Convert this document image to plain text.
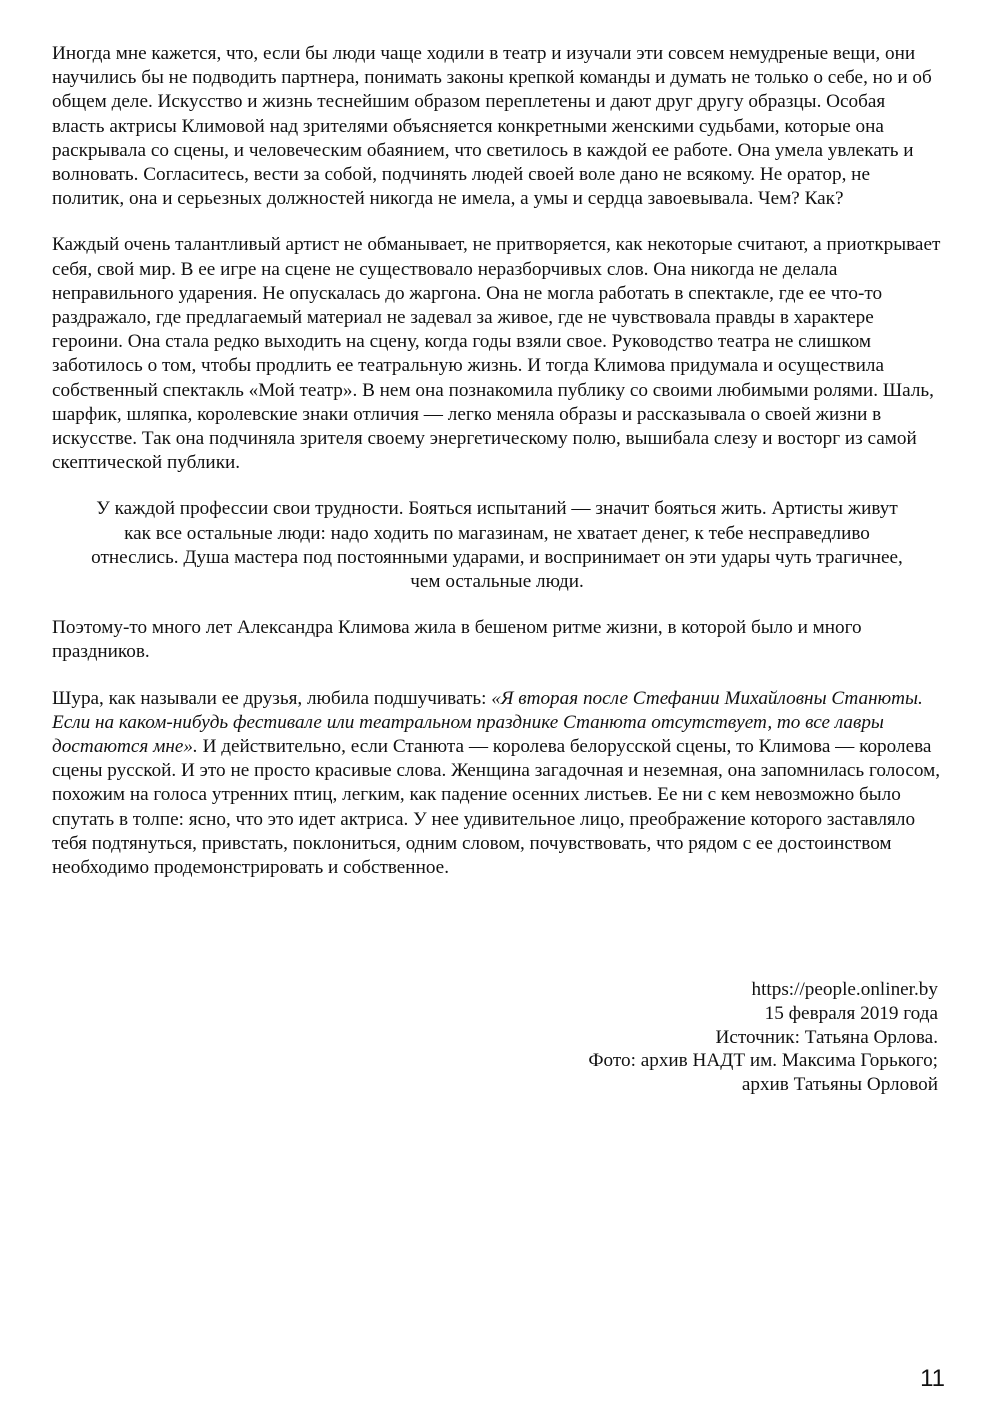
Иногда мне кажется, что, если бы люди чаще ходили в театр и изучали эти совсем немудреные вещи, они научились бы не подводить партнера, понимать законы крепкой команды и думать не только о себе, но и об общем деле. Искусство и жизнь теснейшим образом переплетены и дают друг другу образцы. Особая власть актрисы Климовой над зрителями объясняется конкретными женскими судьбами, которые она раскрывала со сцены, и человеческим обаянием, что светилось в каждой ее работе. Она умела увлекать и волновать. Согласитесь, вести за собой, подчинять людей своей воле дано не всякому. Не оратор, не политик, она и серьезных должностей никогда не имела, а умы и сердца завоевывала. Чем? Как?

Каждый очень талантливый артист не обманывает, не притворяется, как некоторые считают, а приоткрывает себя, свой мир. В ее игре на сцене не существовало неразборчивых слов. Она никогда не делала неправильного ударения. Не опускалась до жаргона. Она не могла работать в спектакле, где ее что-то раздражало, где предлагаемый материал не задевал за живое, где не чувствовала правды в характере героини. Она стала редко выходить на сцену, когда годы взяли свое. Руководство театра не слишком заботилось о том, чтобы продлить ее театральную жизнь. И тогда Климова придумала и осуществила собственный спектакль «Мой театр». В нем она познакомила публику со своими любимыми ролями. Шаль, шарфик, шляпка, королевские знаки отличия — легко меняла образы и рассказывала о своей жизни в искусстве. Так она подчиняла зрителя своему энергетическому полю, вышибала слезу и восторг из самой скептической публики.

У каждой профессии свои трудности. Бояться испытаний — значит бояться жить. Артисты живут как все остальные люди: надо ходить по магазинам, не хватает денег, к тебе несправедливо отнеслись. Душа мастера под постоянными ударами, и воспринимает он эти удары чуть трагичнее, чем остальные люди.

Поэтому-то много лет Александра Климова жила в бешеном ритме жизни, в которой было и много праздников.

Шура, как называли ее друзья, любила подшучивать: «Я вторая после Стефании Михайловны Станюты. Если на каком-нибудь фестивале или театральном празднике Станюта отсутствует, то все лавры достаются мне». И действительно, если Станюта — королева белорусской сцены, то Климова — королева сцены русской. И это не просто красивые слова. Женщина загадочная и неземная, она запомнилась голосом, похожим на голоса утренних птиц, легким, как падение осенних листьев. Ее ни с кем невозможно было спутать в толпе: ясно, что это идет актриса. У нее удивительное лицо, преображение которого заставляло тебя подтянуться, привстать, поклониться, одним словом, почувствовать, что рядом с ее достоинством необходимо продемонстрировать и собственное.

https://people.onliner.by
15 февраля 2019 года
Источник: Татьяна Орлова.
Фото: архив НАДТ им. Максима Горького;
архив Татьяны Орловой
11
